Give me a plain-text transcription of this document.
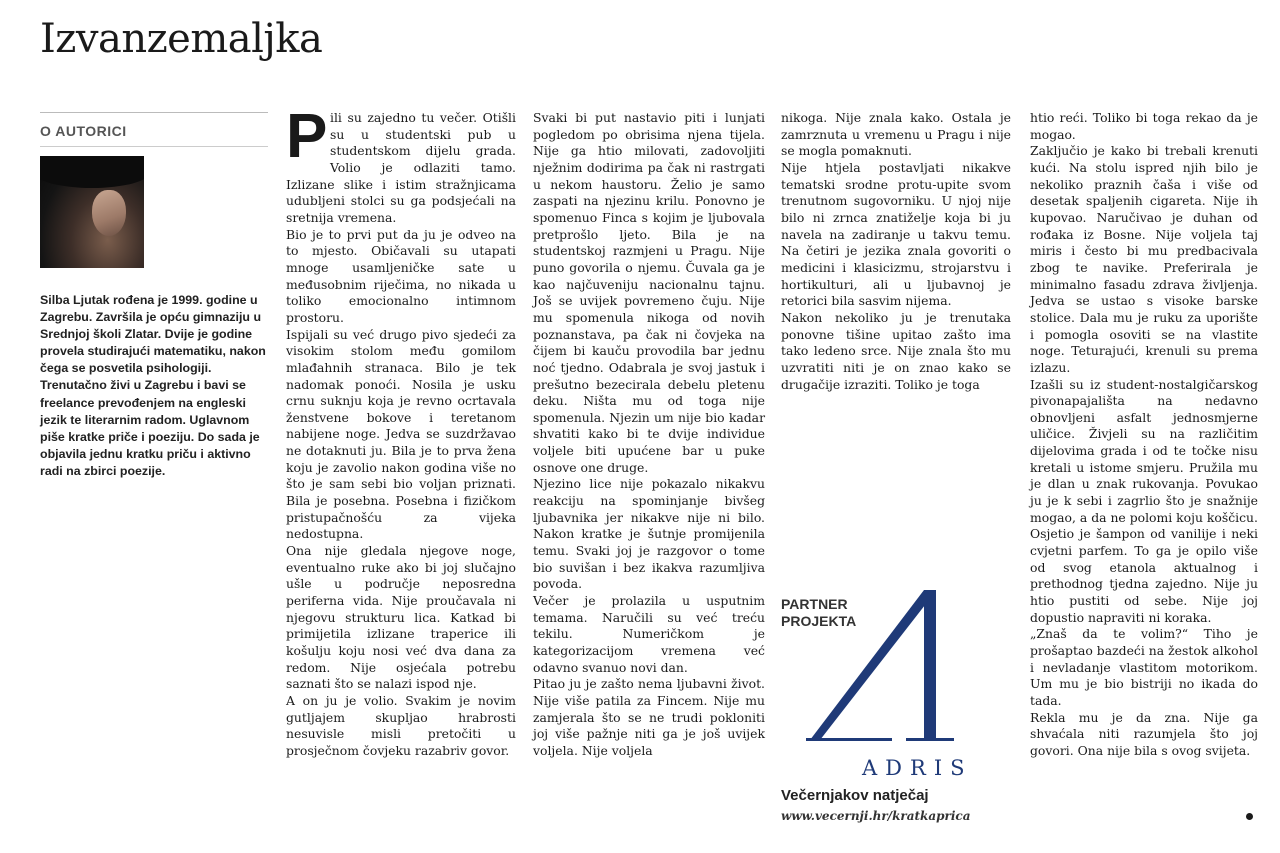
Izvanzemaljka
O AUTORICI

Silba Ljutak rođena je 1999. godine u Zagrebu. Završila je opću gimnaziju u Srednjoj školi Zlatar. Dvije je godine provela studirajući matematiku, nakon čega se posvetila psihologiji. Trenutačno živi u Zagrebu i bavi se freelance prevođenjem na engleski jezik te literarnim radom. Uglavnom piše kratke priče i poeziju. Do sada je objavila jednu kratku priču i aktivno radi na zbirci poezije.

P ili su zajedno tu večer. Otišli su u studentski pub u studentskom dijelu grada. Volio je odlaziti tamo. Izlizane slike i istim stražnjicama udubljeni stolci su ga podsjećali na sretnija vremena.

Bio je to prvi put da ju je odveo na to mjesto. Običavali su utapati mnoge usamljeničke sate u međusobnim riječima, no nikada u toliko emocionalno intimnom prostoru.

Ispijali su već drugo pivo sjedeći za visokim stolom među gomilom mlađahnih stranaca. Bilo je tek nadomak ponoći. Nosila je usku crnu suknju koja je revno ocrtavala ženstvene bokove i teretanom nabijene noge. Jedva se suzdržavao ne dotaknuti ju. Bila je to prva žena koju je zavolio nakon godina više no što je sam sebi bio voljan priznati. Bila je posebna. Posebna i fizičkom pristupačnošću za vijeka nedostupna.

Ona nije gledala njegove noge, eventualno ruke ako bi joj slučajno ušle u područje neposredna periferna vida. Nije proučavala ni njegovu strukturu lica. Katkad bi primijetila izlizane traperice ili košulju koju nosi već dva dana za redom. Nije osjećala potrebu saznati što se nalazi ispod nje.

A on ju je volio. Svakim je novim gutljajem skupljao hrabrosti nesuvisle misli pretočiti u prosječnom čovjeku razabriv govor.

Svaki bi put nastavio piti i lunjati pogledom po obrisima njena tijela. Nije ga htio milovati, zadovoljiti nježnim dodirima pa čak ni rastrgati u nekom haustoru. Želio je samo zaspati na njezinu krilu. Ponovno je spomenuo Finca s kojim je ljubovala pretprošlo ljeto. Bila je na studentskoj razmjeni u Pragu. Nije puno govorila o njemu. Čuvala ga je kao najčuveniju nacionalnu tajnu. Još se uvijek povremeno čuju. Nije mu spomenula nikoga od novih poznanstava, pa čak ni čovjeka na čijem bi kauču provodila bar jednu noć tjedno. Odabrala je svoj jastuk i prešutno bezecirala debelu pletenu deku. Ništa mu od toga nije spomenula. Njezin um nije bio kadar shvatiti kako bi te dvije individue voljele biti upućene bar u puke osnove one druge.

Njezino lice nije pokazalo nikakvu reakciju na spominjanje bivšeg ljubavnika jer nikakve nije ni bilo. Nakon kratke je šutnje promijenila temu. Svaki joj je razgovor o tome bio suvišan i bez ikakva razumljiva povoda.

Večer je prolazila u usputnim temama. Naručili su već treću tekilu. Numeričkom je kategorizacijom vremena već odavno svanuo novi dan.

Pitao ju je zašto nema ljubavni život. Nije više patila za Fincem. Nije mu zamjerala što se ne trudi pokloniti joj više pažnje niti ga je još uvijek voljela. Nije voljela

nikoga. Nije znala kako. Ostala je zamrznuta u vremenu u Pragu i nije se mogla pomaknuti.

Nije htjela postavljati nikakve tematski srodne protu-upite svom trenutnom sugovorniku. U njoj nije bilo ni zrnca znatiželje koja bi ju navela na zadiranje u takvu temu. Na četiri je jezika znala govoriti o medicini i klasicizmu, strojarstvu i hortikulturi, ali u ljubavnoj je retorici bila sasvim nijema.

Nakon nekoliko ju je trenutaka ponovne tišine upitao zašto ima tako ledeno srce. Nije znala što mu uzvratiti niti je on znao kako se drugačije izraziti. Toliko je toga

PARTNER PROJEKTA
ADRIS
Večernjakov natječaj
www.vecernji.hr/kratkaprica

htio reći. Toliko bi toga rekao da je mogao.

Zaključio je kako bi trebali krenuti kući. Na stolu ispred njih bilo je nekoliko praznih čaša i više od desetak spaljenih cigareta. Nije ih kupovao. Naručivao je duhan od rođaka iz Bosne. Nije voljela taj miris i često bi mu predbacivala zbog te navike. Preferirala je minimalno fasadu zdrava življenja. Jedva se ustao s visoke barske stolice. Dala mu je ruku za uporište i pomogla osoviti se na vlastite noge. Teturajući, krenuli su prema izlazu.

Izašli su iz student-nostalgičarskog pivonapajališta na nedavno obnovljeni asfalt jednosmjerne uličice. Živjeli su na različitim dijelovima grada i od te točke nisu kretali u istome smjeru. Pružila mu je dlan u znak rukovanja. Povukao ju je k sebi i zagrlio što je snažnije mogao, a da ne polomi koju koščicu.

Osjetio je šampon od vanilije i neki cvjetni parfem. To ga je opilo više od svog etanola aktualnog i prethodnog tjedna zajedno. Nije ju htio pustiti od sebe. Nije joj dopustio napraviti ni koraka.

„Znaš da te volim?“ Tiho je prošaptao bazdeći na žestok alkohol i nevladanje vlastitom motorikom. Um mu je bio bistriji no ikada do tada.

Rekla mu je da zna. Nije ga shvaćala niti razumjela što joj govori. Ona nije bila s ovog svijeta.
